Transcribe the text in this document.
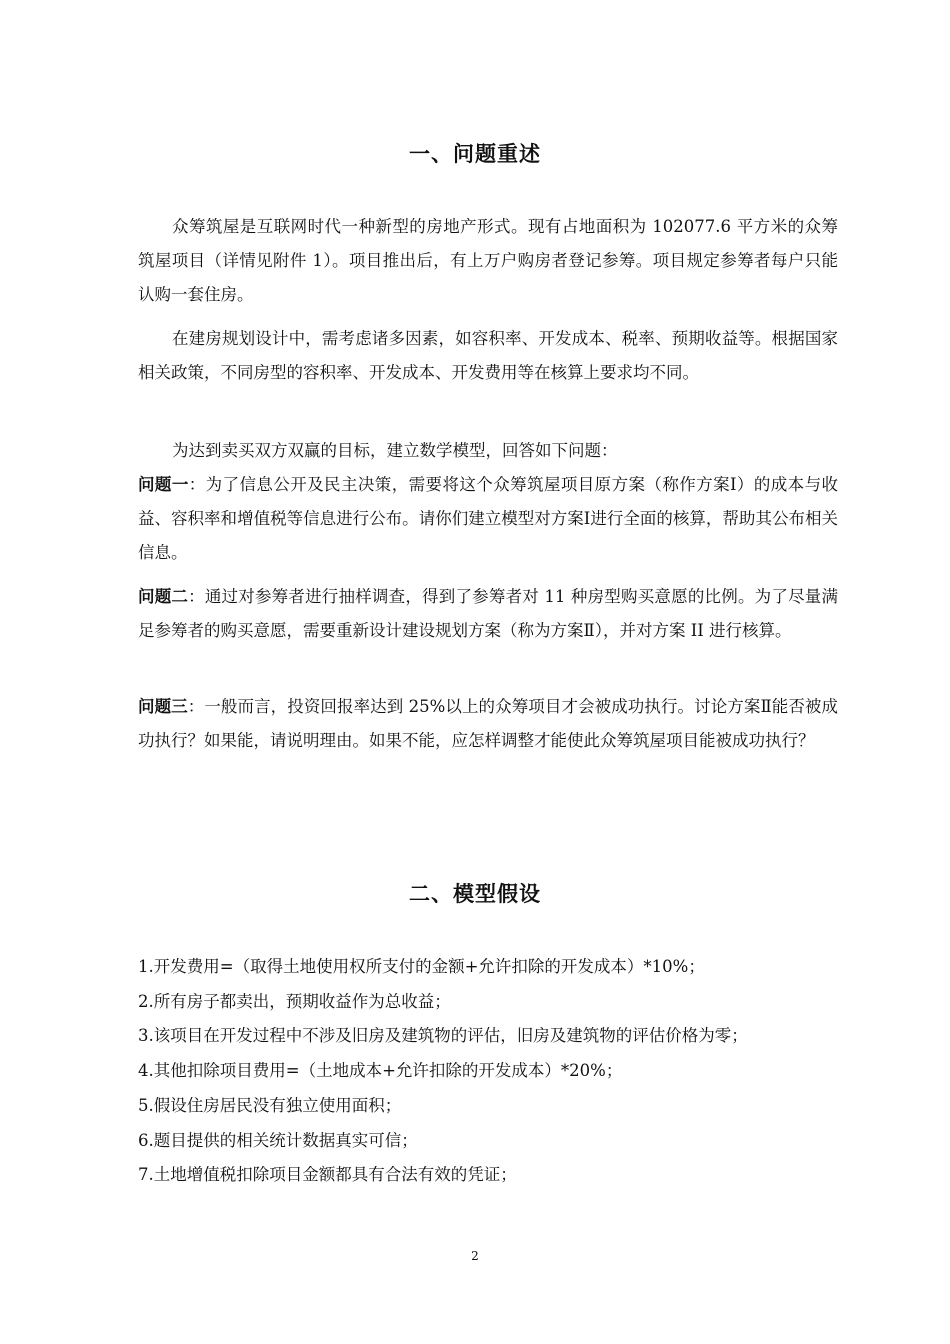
一、问题重述
众筹筑屋是互联网时代一种新型的房地产形式。现有占地面积为 102077.6 平方米的众筹筑屋项目（详情见附件 1）。项目推出后，有上万户购房者登记参筹。项目规定参筹者每户只能认购一套住房。
在建房规划设计中，需考虑诸多因素，如容积率、开发成本、税率、预期收益等。根据国家相关政策，不同房型的容积率、开发成本、开发费用等在核算上要求均不同。
为达到卖买双方双赢的目标，建立数学模型，回答如下问题：
问题一：为了信息公开及民主决策，需要将这个众筹筑屋项目原方案（称作方案Ⅰ）的成本与收益、容积率和增值税等信息进行公布。请你们建立模型对方案I进行全面的核算，帮助其公布相关信息。
问题二：通过对参筹者进行抽样调查，得到了参筹者对 11 种房型购买意愿的比例。为了尽量满足参筹者的购买意愿，需要重新设计建设规划方案（称为方案Ⅱ），并对方案 II 进行核算。
问题三：一般而言，投资回报率达到 25%以上的众筹项目才会被成功执行。讨论方案Ⅱ能否被成功执行？如果能，请说明理由。如果不能，应怎样调整才能使此众筹筑屋项目能被成功执行？
二、模型假设
1.开发费用=（取得土地使用权所支付的金额+允许扣除的开发成本）*10%；
2.所有房子都卖出，预期收益作为总收益；
3.该项目在开发过程中不涉及旧房及建筑物的评估，旧房及建筑物的评估价格为零；
4.其他扣除项目费用=（土地成本+允许扣除的开发成本）*20%；
5.假设住房居民没有独立使用面积；
6.题目提供的相关统计数据真实可信；
7.土地增值税扣除项目金额都具有合法有效的凭证；
2
